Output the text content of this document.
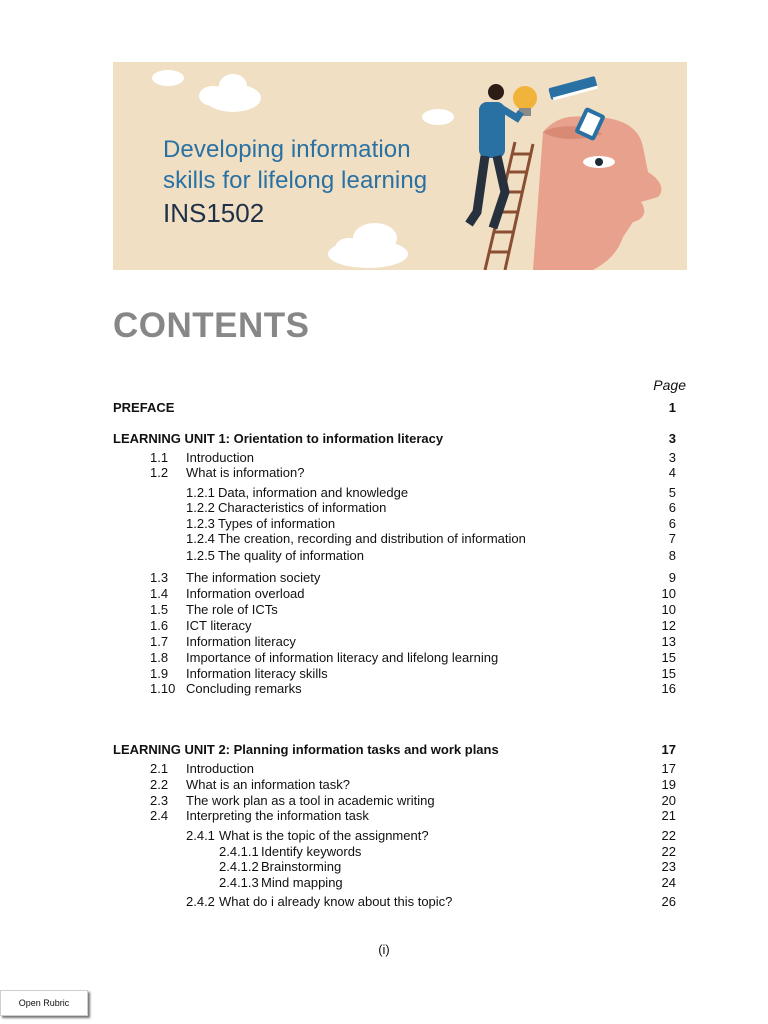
Developing information
skills for lifelong learning
INS1502
CONTENTS
Page
PREFACE	1
LEARNING UNIT 1: Orientation to information literacy	3
1.1 Introduction	3
1.2 What is information?	4
1.2.1 Data, information and knowledge	5
1.2.2 Characteristics of information	6
1.2.3 Types of information	6
1.2.4 The creation, recording and distribution of information	7
1.2.5 The quality of information	8
1.3 The information society	9
1.4 Information overload	10
1.5 The role of ICTs	10
1.6 ICT literacy	12
1.7 Information literacy	13
1.8 Importance of information literacy and lifelong learning	15
1.9 Information literacy skills	15
1.10 Concluding remarks	16
LEARNING UNIT 2: Planning information tasks and work plans	17
2.1 Introduction	17
2.2 What is an information task?	19
2.3 The work plan as a tool in academic writing	20
2.4 Interpreting the information task	21
2.4.1 What is the topic of the assignment?	22
2.4.1.1 Identify keywords	22
2.4.1.2 Brainstorming	23
2.4.1.3 Mind mapping	24
2.4.2 What do i already know about this topic?	26
(i)
Open Rubric
